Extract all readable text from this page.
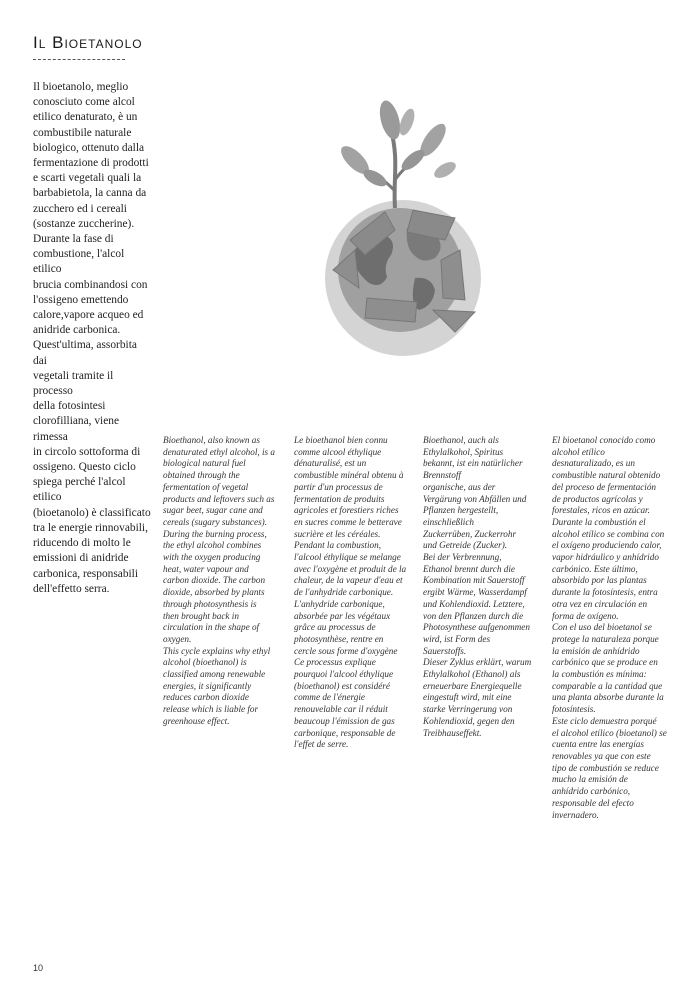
Il Bioetanolo

Il bioetanolo, meglio
conosciuto come alcol
etilico denaturato, è un
combustibile naturale
biologico, ottenuto dalla
fermentazione di prodotti
e scarti vegetali quali la
barbabietola, la canna da
zucchero ed i cereali
(sostanze zuccherine).
Durante la fase di
combustione, l'alcol etilico
brucia combinandosi con
l'ossigeno emettendo
calore,vapore acqueo ed
anidride carbonica.
Quest'ultima, assorbita dai
vegetali tramite il processo
della fotosintesi
clorofilliana, viene rimessa
in circolo sottoforma di
ossigeno. Questo ciclo
spiega perché l'alcol etilico
(bioetanolo) è classificato
tra le energie rinnovabili,
riducendo di molto le
emissioni di anidride
carbonica, responsabili
dell'effetto serra.

Bioethanol, also known as
denaturated ethyl alcohol, is a
biological natural fuel
obtained through the
fermentation of vegetal
products and leftovers such as
sugar beet, sugar cane and
cereals (sugary substances).
During the burning process,
the ethyl alcohol combines
with the oxygen producing
heat, water vapour and
carbon dioxide. The carbon
dioxide, absorbed by plants
through photosynthesis is
then brought back in
circulation in the shape of
oxygen.
This cycle explains why ethyl
alcohol (bioethanol) is
classified among renewable
energies, it significantly
reduces carbon dioxide
release which is liable for
greenhouse effect.

Le bioethanol bien connu
comme alcool éthylique
dénaturalisé, est un
combustible minéral obtenu à
partir d'un processus de
fermentation de produits
agricoles et forestiers riches
en sucres comme le betterave
sucrière et les céréales.
Pendant la combustion,
l'alcool éthylique se melange
avec l'oxygène et produit de la
chaleur, de la vapeur d'eau et
de l'anhydride carbonique.
L'anhydride carbonique,
absorbée par les végétaux
grâce au processus de
photosynthèse, rentre en
cercle sous forme d'oxygène
Ce processus explique
pourquoi l'alcool éthylique
(bioethanol) est considéré
comme de l'énergie
renouvelable car il réduit
beaucoup l'émission de gas
carbonique, responsable de
l'effet de serre.

Bioethanol, auch als
Ethylalkohol, Spiritus
bekannt, ist ein natürlicher
Brennstoff
organische, aus der
Vergärung von Abfällen und
Pflanzen hergestellt,
einschließlich
Zuckerrüben, Zuckerrohr
und Getreide (Zucker).
Bei der Verbrennung,
Ethanol brennt durch die
Kombination mit Sauerstoff
ergibt Wärme, Wasserdampf
und Kohlendioxid. Letztere,
von den Pflanzen durch die
Photosynthese aufgenommen
wird, ist Form des
Sauerstoffs.
Dieser Zyklus erklärt, warum
Ethylalkohol (Ethanol) als
erneuerbare Energiequelle
eingestuft wird, mit eine
starke Verringerung von
Kohlendioxid, gegen den
Treibhauseffekt.

El bioetanol conocido como
alcohol etílico
desnaturalizado, es un
combustible natural obtenido
del proceso de fermentación
de productos agrícolas y
forestales, ricos en azúcar.
Durante la combustión el
alcohol etílico se combina con
el oxígeno produciendo calor,
vapor hidráulico y anhídrido
carbónico. Este último,
absorbido por las plantas
durante la fotosíntesis, entra
otra vez en circulación en
forma de oxígeno.
Con el uso del bioetanol se
protege la naturaleza porque
la emisión de anhídrido
carbónico que se produce en
la combustión es mínima:
comparable a la cantidad que
una planta absorbe durante la
fotosíntesis.
Este ciclo demuestra porqué
el alcohol etílico (bioetanol) se
cuenta entre las energías
renovables ya que con este
tipo de combustión se reduce
mucho la emisión de
anhídrido carbónico,
responsable del efecto
invernadero.

10
